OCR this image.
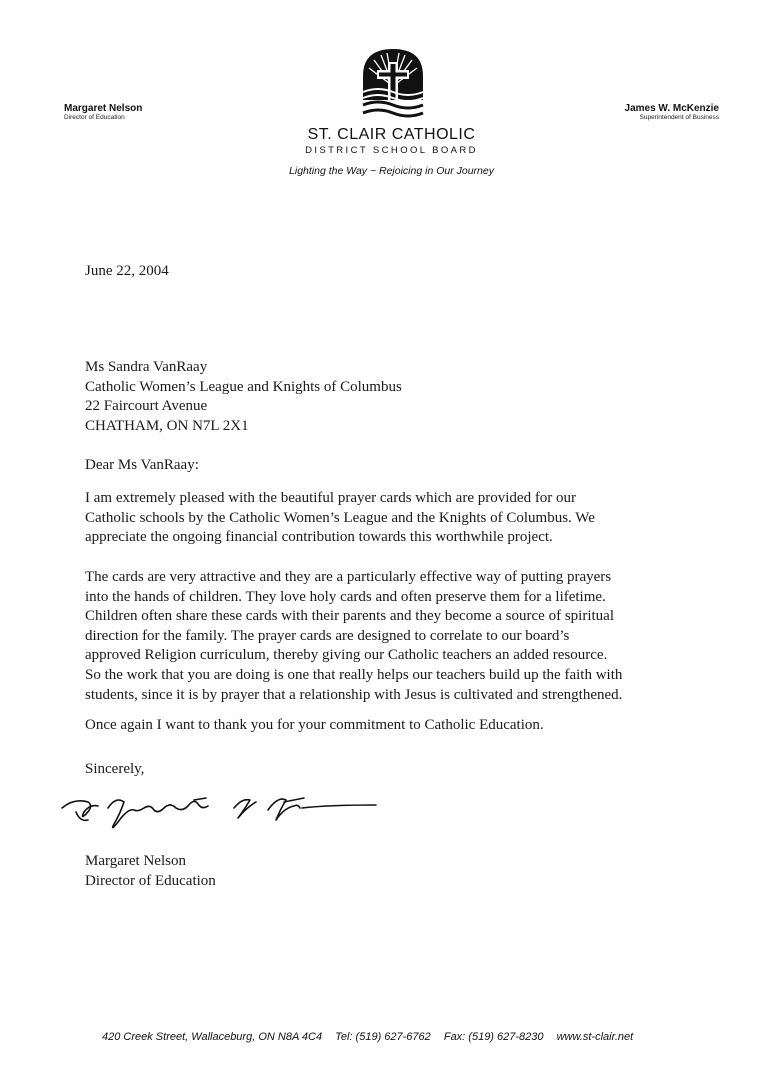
Margaret Nelson
Director of Education
James W. McKenzie
Superintendent of Business
ST. CLAIR CATHOLIC
DISTRICT SCHOOL BOARD
Lighting the Way ~ Rejoicing in Our Journey
June 22, 2004
Ms Sandra VanRaay
Catholic Women’s League and Knights of Columbus
22 Faircourt Avenue
CHATHAM, ON N7L 2X1
Dear Ms VanRaay:
I am extremely pleased with the beautiful prayer cards which are provided for our
Catholic schools by the Catholic Women’s League and the Knights of Columbus. We
appreciate the ongoing financial contribution towards this worthwhile project.
The cards are very attractive and they are a particularly effective way of putting prayers
into the hands of children. They love holy cards and often preserve them for a lifetime.
Children often share these cards with their parents and they become a source of spiritual
direction for the family. The prayer cards are designed to correlate to our board’s
approved Religion curriculum, thereby giving our Catholic teachers an added resource.
So the work that you are doing is one that really helps our teachers build up the faith with
students, since it is by prayer that a relationship with Jesus is cultivated and strengthened.
Once again I want to thank you for your commitment to Catholic Education.
Sincerely,
Margaret Nelson
Director of Education
420 Creek Street, Wallaceburg, ON N8A 4C4 Tel: (519) 627-6762 Fax: (519) 627-8230 www.st-clair.net
